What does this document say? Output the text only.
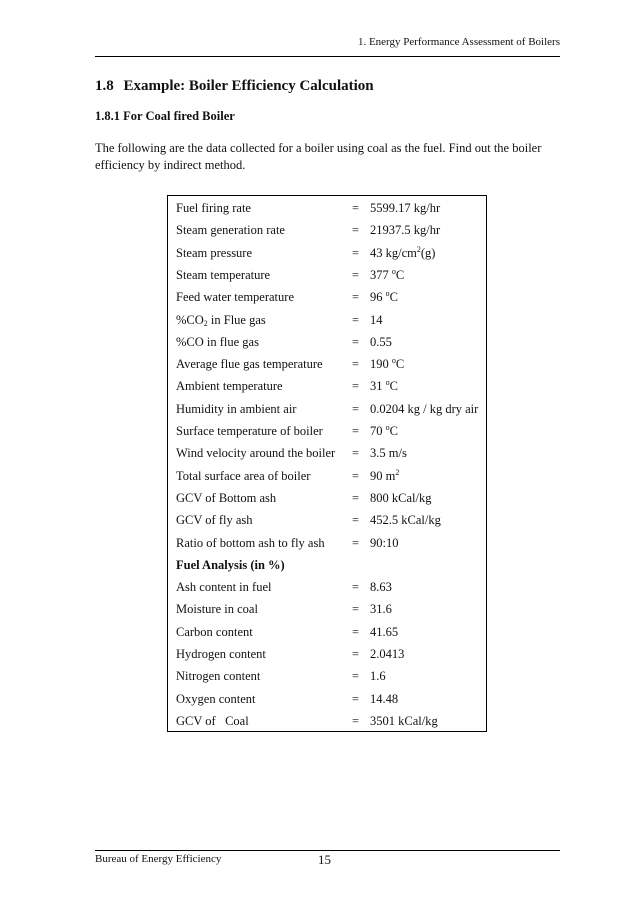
1. Energy Performance Assessment of Boilers
1.8 Example: Boiler Efficiency Calculation
1.8.1 For Coal fired Boiler
The following are the data collected for a boiler using coal as the fuel. Find out the boiler efficiency by indirect method.
Fuel firing rate	= 5599.17 kg/hr
Steam generation rate	= 21937.5 kg/hr
Steam pressure	= 43 $kg/cm^2(g)$
Steam temperature	= 377 $^o$C
Feed water temperature	= 96 $^o$C
$\%CO_2$ in Flue gas	= 14
%CO in flue gas	= 0.55
Average flue gas temperature = 190 $^o$C
Ambient temperature	= 31 $^o$C
Humidity in ambient air	= 0.0204 kg / kg dry air
Surface temperature of boiler = 70 $^o$C
Wind velocity around the boiler = 3.5 m/s
Total surface area of boiler	= 90 $m^2$
GCV of Bottom ash	= 800 kCal/kg
GCV of fly ash	= 452.5 kCal/kg
Ratio of bottom ash to fly ash = 90:10
Fuel Analysis (in %)
Ash content in fuel	= 8.63
Moisture in coal	= 31.6
Carbon content	= 41.65
Hydrogen content	= 2.0413
Nitrogen content	= 1.6
Oxygen content	= 14.48
GCV of   Coal	= 3501 kCal/kg
Bureau of Energy Efficiency	15
